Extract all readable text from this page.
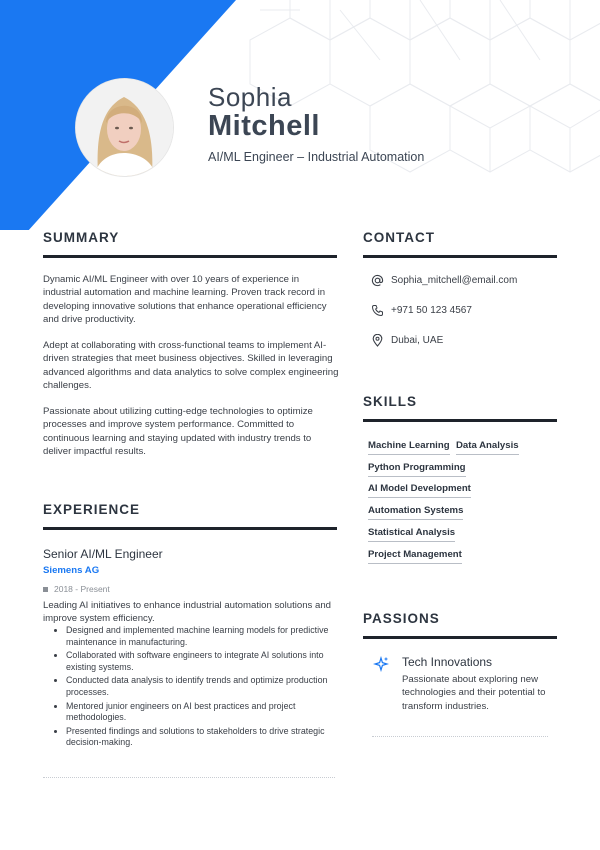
Sophia
Mitchell
AI/ML Engineer – Industrial Automation
SUMMARY

Dynamic AI/ML Engineer with over 10 years of experience in industrial automation and machine learning. Proven track record in developing innovative solutions that enhance operational efficiency and drive productivity.

Adept at collaborating with cross-functional teams to implement AI-driven strategies that meet business objectives. Skilled in leveraging advanced algorithms and data analytics to solve complex engineering challenges.

Passionate about utilizing cutting-edge technologies to optimize processes and improve system performance. Committed to continuous learning and staying updated with industry trends to deliver impactful results.

CONTACT
Sophia_mitchell@email.com
+971 50 123 4567
Dubai, UAE
SKILLS
Machine Learning Data Analysis
Python Programming
AI Model Development
Automation Systems
Statistical Analysis
Project Management
EXPERIENCE
Senior AI/ML Engineer
Siemens AG
2018 - Present
Leading AI initiatives to enhance industrial automation solutions and improve system efficiency.
• Designed and implemented machine learning models for predictive maintenance in manufacturing.
• Collaborated with software engineers to integrate AI solutions into existing systems.
• Conducted data analysis to identify trends and optimize production processes.
• Mentored junior engineers on AI best practices and project methodologies.
• Presented findings and solutions to stakeholders to drive strategic decision-making.
PASSIONS
Tech Innovations
Passionate about exploring new technologies and their potential to transform industries.
